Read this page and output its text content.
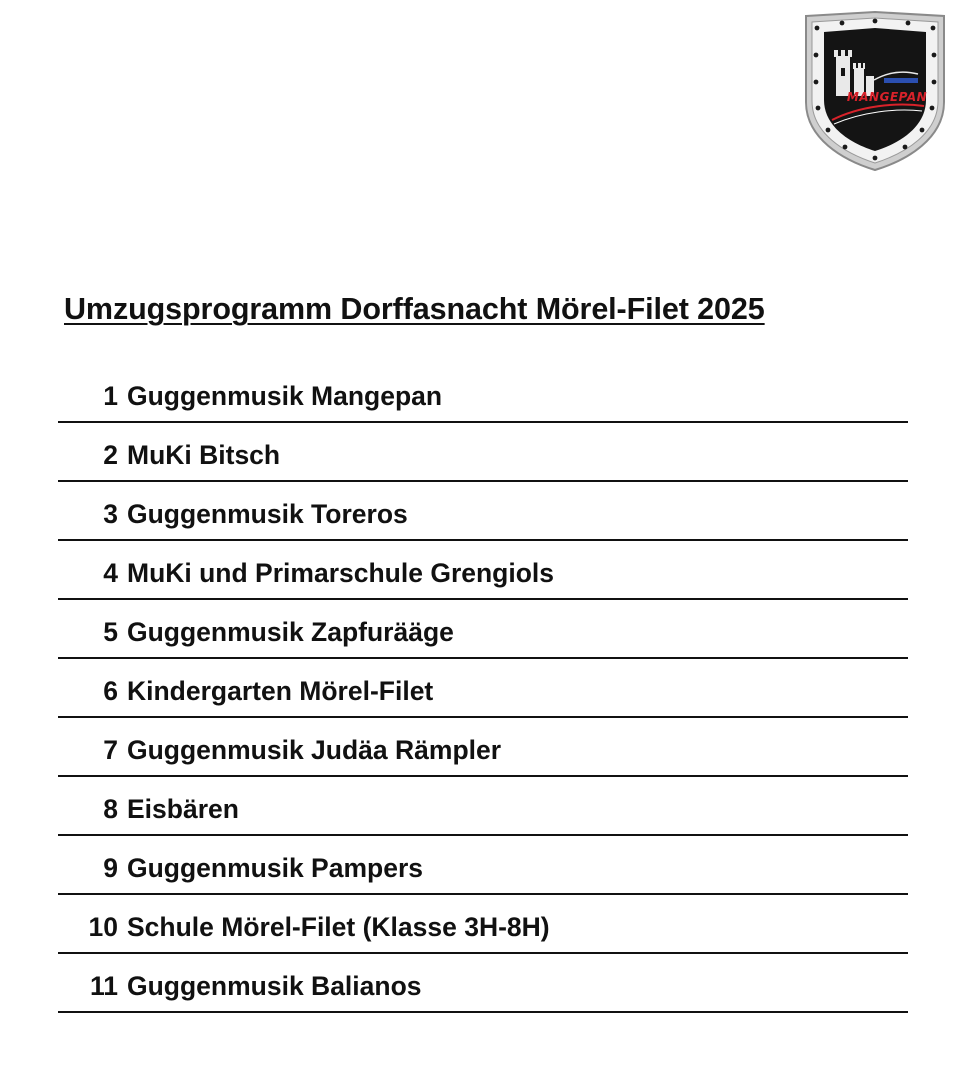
MANGEPAN
Umzugsprogramm Dorffasnacht Mörel-Filet 2025
1 Guggenmusik Mangepan
2 MuKi Bitsch
3 Guggenmusik Toreros
4 MuKi und Primarschule Grengiols
5 Guggenmusik Zapfurääge
6 Kindergarten Mörel-Filet
7 Guggenmusik Judäa Rämpler
8 Eisbären
9 Guggenmusik Pampers
10 Schule Mörel-Filet (Klasse 3H-8H)
11 Guggenmusik Balianos
